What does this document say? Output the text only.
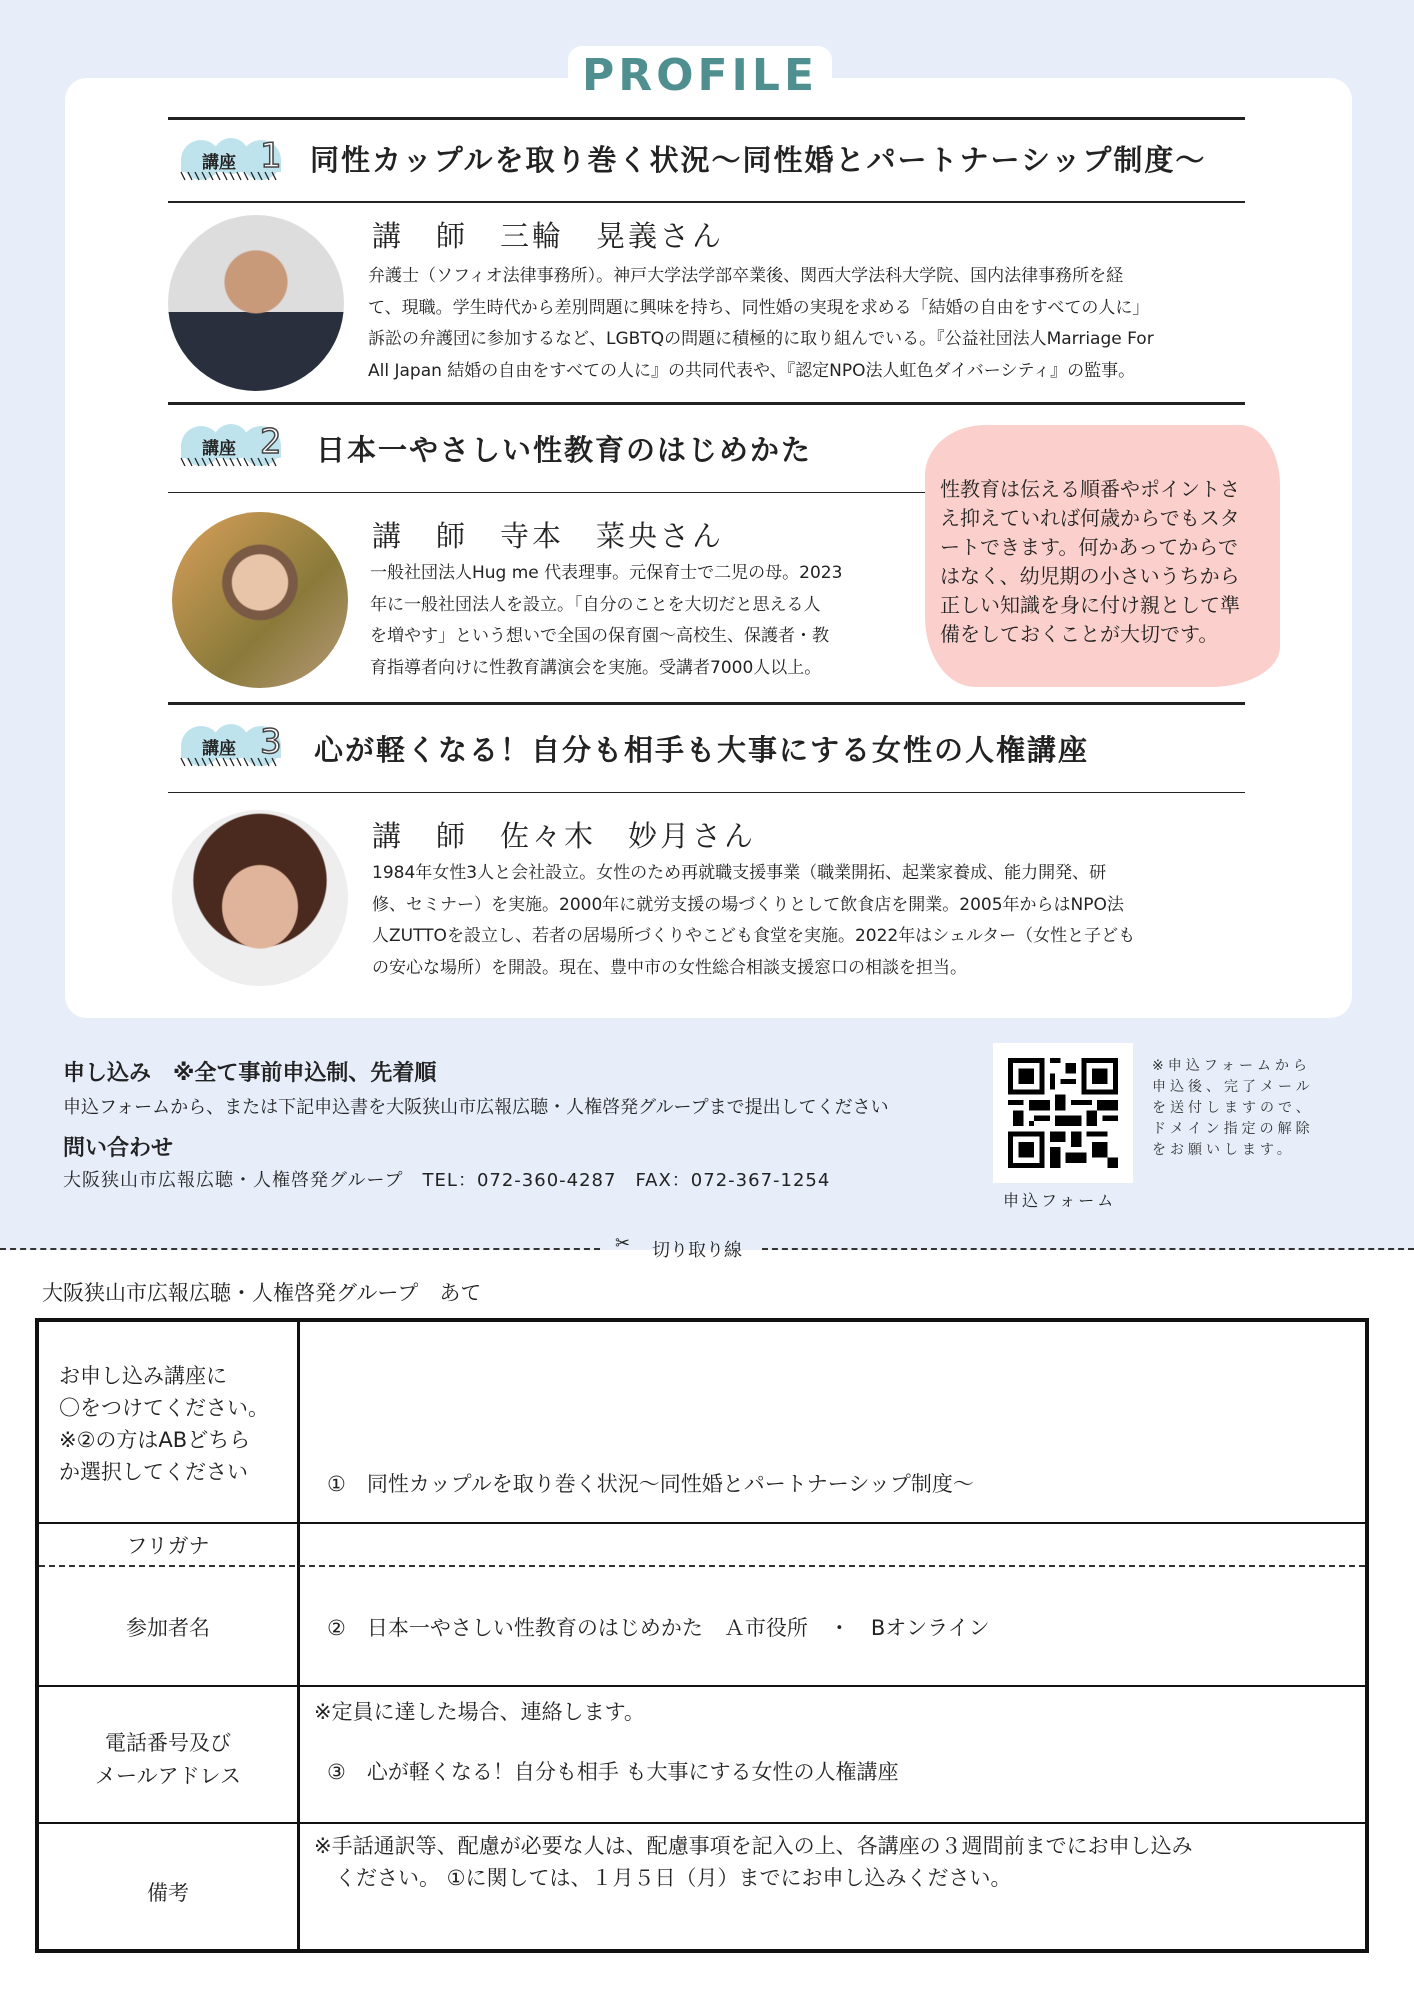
PROFILE
講座 1 同性カップルを取り巻く状況〜同性婚とパートナーシップ制度〜
講　師　三輪　晃義さん
弁護士（ソフィオ法律事務所）。神戸大学法学部卒業後、関西大学法科大学院、国内法律事務所を経
て、現職。学生時代から差別問題に興味を持ち、同性婚の実現を求める「結婚の自由をすべての人に」
訴訟の弁護団に参加するなど、LGBTQの問題に積極的に取り組んでいる。『公益社団法人Marriage For
All Japan 結婚の自由をすべての人に』の共同代表や、『認定NPO法人虹色ダイバーシティ』の監事。
講座 2 日本一やさしい性教育のはじめかた
講　師　寺本　菜央さん
一般社団法人Hug me 代表理事。元保育士で二児の母。2023
年に一般社団法人を設立。「自分のことを大切だと思える人
を増やす」という想いで全国の保育園〜高校生、保護者・教
育指導者向けに性教育講演会を実施。受講者7000人以上。
性教育は伝える順番やポイントさ
え抑えていれば何歳からでもスタ
ートできます。何かあってからで
はなく、幼児期の小さいうちから
正しい知識を身に付け親として準
備をしておくことが大切です。
講座 3 心が軽くなる！自分も相手も大事にする女性の人権講座
講　師　佐々木　妙月さん
1984年女性3人と会社設立。女性のため再就職支援事業（職業開拓、起業家養成、能力開発、研
修、セミナー）を実施。2000年に就労支援の場づくりとして飲食店を開業。2005年からはNPO法
人ZUTTOを設立し、若者の居場所づくりやこども食堂を実施。2022年はシェルター（女性と子ども
の安心な場所）を開設。現在、豊中市の女性総合相談支援窓口の相談を担当。
申し込み　※全て事前申込制、先着順
申込フォームから、または下記申込書を大阪狭山市広報広聴・人権啓発グループまで提出してください
問い合わせ
大阪狭山市広報広聴・人権啓発グループ　TEL：072-360-4287　FAX：072-367-1254
申込フォーム
※申込フォームから
申込後、完了メール
を送付しますので、
ドメイン指定の解除
をお願いします。
✂ 切り取り線
大阪狭山市広報広聴・人権啓発グループ　あて
お申し込み講座に
〇をつけてください。
※②の方はABどちら
か選択してください

	①　同性カップルを取り巻く状況〜同性婚とパートナーシップ制度〜

②　日本一やさしい性教育のはじめかた　Ａ市役所　・　Bオンライン

③　心が軽くなる！自分も相手 も大事にする女性の人権講座

フリガナ
参加者名
電話番号及び
メールアドレス
※定員に達した場合、連絡します。
備考
※手話通訳等、配慮が必要な人は、配慮事項を記入の上、各講座の３週間前までにお申し込み
　ください。 ①に関しては、１月５日（月）までにお申し込みください。
